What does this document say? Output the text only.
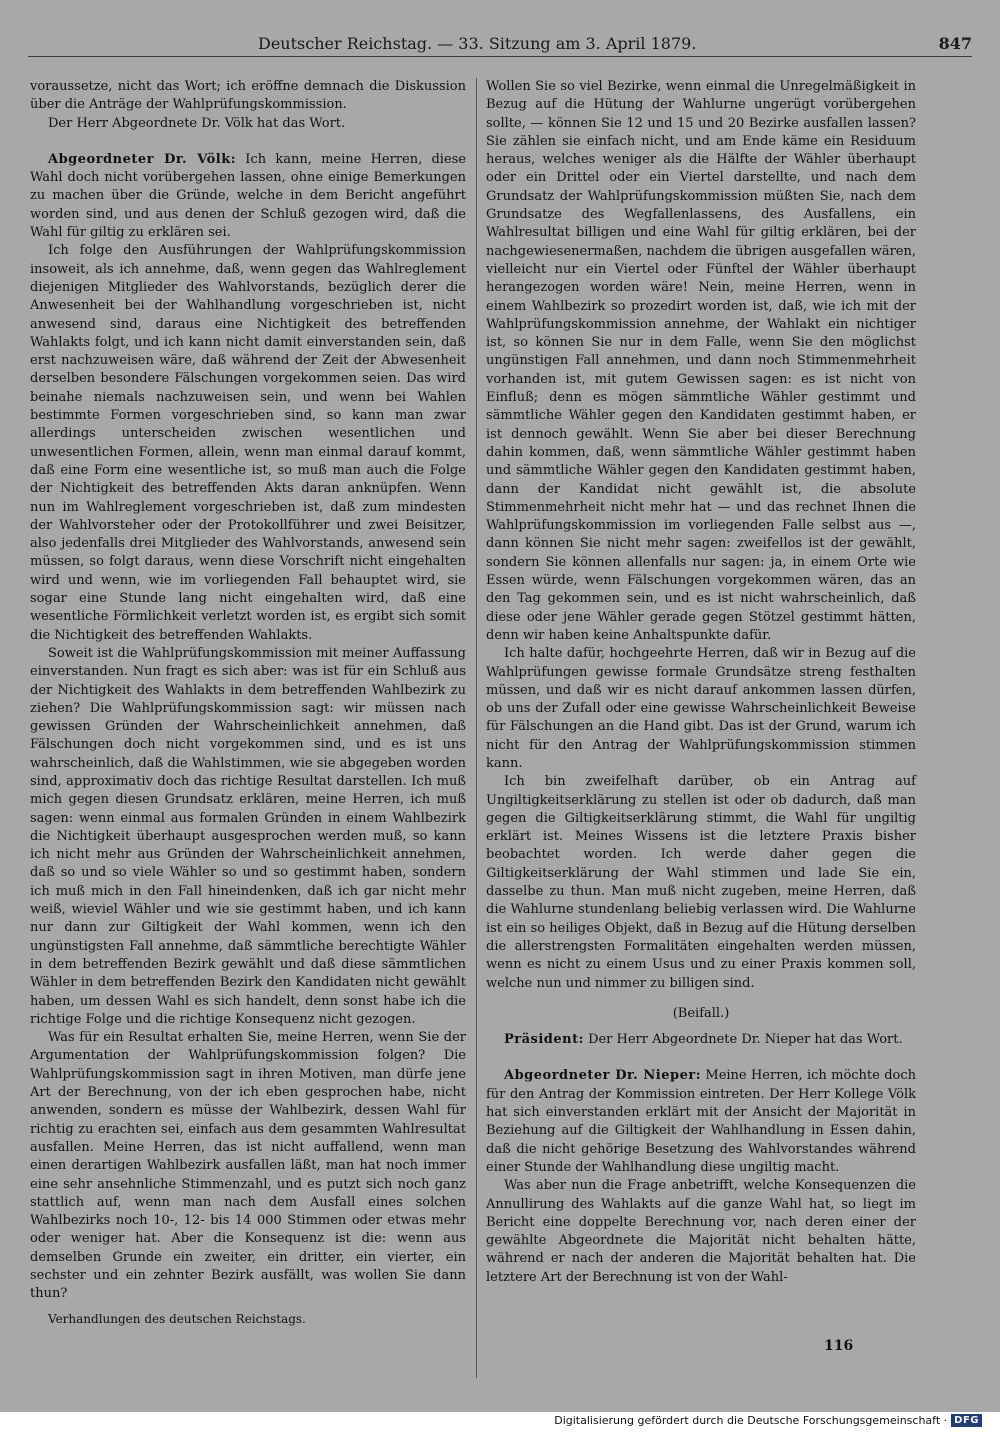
Deutscher Reichstag. — 33. Sitzung am 3. April 1879.	847

voraussetze, nicht das Wort; ich eröffne demnach die Diskussion über die Anträge der Wahlprüfungskommission.

Der Herr Abgeordnete Dr. Völk hat das Wort.

Abgeordneter Dr. Völk: Ich kann, meine Herren, diese Wahl doch nicht vorübergehen lassen, ohne einige Bemerkungen zu machen über die Gründe, welche in dem Bericht angeführt worden sind, und aus denen der Schluß gezogen wird, daß die Wahl für giltig zu erklären sei.

Ich folge den Ausführungen der Wahlprüfungskommission insoweit, als ich annehme, daß, wenn gegen das Wahlreglement diejenigen Mitglieder des Wahlvorstands, bezüglich derer die Anwesenheit bei der Wahlhandlung vorgeschrieben ist, nicht anwesend sind, daraus eine Nichtigkeit des betreffenden Wahlakts folgt, und ich kann nicht damit einverstanden sein, daß erst nachzuweisen wäre, daß während der Zeit der Abwesenheit derselben besondere Fälschungen vorgekommen seien. Das wird beinahe niemals nachzuweisen sein, und wenn bei Wahlen bestimmte Formen vorgeschrieben sind, so kann man zwar allerdings unterscheiden zwischen wesentlichen und unwesentlichen Formen, allein, wenn man einmal darauf kommt, daß eine Form eine wesentliche ist, so muß man auch die Folge der Nichtigkeit des betreffenden Akts daran anknüpfen. Wenn nun im Wahlreglement vorgeschrieben ist, daß zum mindesten der Wahlvorsteher oder der Protokollführer und zwei Beisitzer, also jedenfalls drei Mitglieder des Wahlvorstands, anwesend sein müssen, so folgt daraus, wenn diese Vorschrift nicht eingehalten wird und wenn, wie im vorliegenden Fall behauptet wird, sie sogar eine Stunde lang nicht eingehalten wird, daß eine wesentliche Förmlichkeit verletzt worden ist, es ergibt sich somit die Nichtigkeit des betreffenden Wahlakts.

Soweit ist die Wahlprüfungskommission mit meiner Auffassung einverstanden. Nun fragt es sich aber: was ist für ein Schluß aus der Nichtigkeit des Wahlakts in dem betreffenden Wahlbezirk zu ziehen? Die Wahlprüfungskommission sagt: wir müssen nach gewissen Gründen der Wahrscheinlichkeit annehmen, daß Fälschungen doch nicht vorgekommen sind, und es ist uns wahrscheinlich, daß die Wahlstimmen, wie sie abgegeben worden sind, approximativ doch das richtige Resultat darstellen. Ich muß mich gegen diesen Grundsatz erklären, meine Herren, ich muß sagen: wenn einmal aus formalen Gründen in einem Wahlbezirk die Nichtigkeit überhaupt ausgesprochen werden muß, so kann ich nicht mehr aus Gründen der Wahrscheinlichkeit annehmen, daß so und so viele Wähler so und so gestimmt haben, sondern ich muß mich in den Fall hineindenken, daß ich gar nicht mehr weiß, wieviel Wähler und wie sie gestimmt haben, und ich kann nur dann zur Giltigkeit der Wahl kommen, wenn ich den ungünstigsten Fall annehme, daß sämmtliche berechtigte Wähler in dem betreffenden Bezirk gewählt und daß diese sämmtlichen Wähler in dem betreffenden Bezirk den Kandidaten nicht gewählt haben, um dessen Wahl es sich handelt, denn sonst habe ich die richtige Folge und die richtige Konsequenz nicht gezogen.

Was für ein Resultat erhalten Sie, meine Herren, wenn Sie der Argumentation der Wahlprüfungskommission folgen? Die Wahlprüfungskommission sagt in ihren Motiven, man dürfe jene Art der Berechnung, von der ich eben gesprochen habe, nicht anwenden, sondern es müsse der Wahlbezirk, dessen Wahl für richtig zu erachten sei, einfach aus dem gesammten Wahlresultat ausfallen. Meine Herren, das ist nicht auffallend, wenn man einen derartigen Wahlbezirk ausfallen läßt, man hat noch immer eine sehr ansehnliche Stimmenzahl, und es putzt sich noch ganz stattlich auf, wenn man nach dem Ausfall eines solchen Wahlbezirks noch 10-, 12- bis 14 000 Stimmen oder etwas mehr oder weniger hat. Aber die Konsequenz ist die: wenn aus demselben Grunde ein zweiter, ein dritter, ein vierter, ein sechster und ein zehnter Bezirk ausfällt, was wollen Sie dann thun?

Verhandlungen des deutschen Reichstags.

Wollen Sie so viel Bezirke, wenn einmal die Unregelmäßigkeit in Bezug auf die Hütung der Wahlurne ungerügt vorübergehen sollte, — können Sie 12 und 15 und 20 Bezirke ausfallen lassen? Sie zählen sie einfach nicht, und am Ende käme ein Residuum heraus, welches weniger als die Hälfte der Wähler überhaupt oder ein Drittel oder ein Viertel darstellte, und nach dem Grundsatz der Wahlprüfungskommission müßten Sie, nach dem Grundsatze des Wegfallenlassens, des Ausfallens, ein Wahlresultat billigen und eine Wahl für giltig erklären, bei der nachgewiesenermaßen, nachdem die übrigen ausgefallen wären, vielleicht nur ein Viertel oder Fünftel der Wähler überhaupt herangezogen worden wäre! Nein, meine Herren, wenn in einem Wahlbezirk so prozedirt worden ist, daß, wie ich mit der Wahlprüfungskommission annehme, der Wahlakt ein nichtiger ist, so können Sie nur in dem Falle, wenn Sie den möglichst ungünstigen Fall annehmen, und dann noch Stimmenmehrheit vorhanden ist, mit gutem Gewissen sagen: es ist nicht von Einfluß; denn es mögen sämmtliche Wähler gestimmt und sämmtliche Wähler gegen den Kandidaten gestimmt haben, er ist dennoch gewählt. Wenn Sie aber bei dieser Berechnung dahin kommen, daß, wenn sämmtliche Wähler gestimmt haben und sämmtliche Wähler gegen den Kandidaten gestimmt haben, dann der Kandidat nicht gewählt ist, die absolute Stimmenmehrheit nicht mehr hat — und das rechnet Ihnen die Wahlprüfungskommission im vorliegenden Falle selbst aus —, dann können Sie nicht mehr sagen: zweifellos ist der gewählt, sondern Sie können allenfalls nur sagen: ja, in einem Orte wie Essen würde, wenn Fälschungen vorgekommen wären, das an den Tag gekommen sein, und es ist nicht wahrscheinlich, daß diese oder jene Wähler gerade gegen Stötzel gestimmt hätten, denn wir haben keine Anhaltspunkte dafür.

Ich halte dafür, hochgeehrte Herren, daß wir in Bezug auf die Wahlprüfungen gewisse formale Grundsätze streng festhalten müssen, und daß wir es nicht darauf ankommen lassen dürfen, ob uns der Zufall oder eine gewisse Wahrscheinlichkeit Beweise für Fälschungen an die Hand gibt. Das ist der Grund, warum ich nicht für den Antrag der Wahlprüfungskommission stimmen kann.

Ich bin zweifelhaft darüber, ob ein Antrag auf Ungiltigkeitserklärung zu stellen ist oder ob dadurch, daß man gegen die Giltigkeitserklärung stimmt, die Wahl für ungiltig erklärt ist. Meines Wissens ist die letztere Praxis bisher beobachtet worden. Ich werde daher gegen die Giltigkeitserklärung der Wahl stimmen und lade Sie ein, dasselbe zu thun. Man muß nicht zugeben, meine Herren, daß die Wahlurne stundenlang beliebig verlassen wird. Die Wahlurne ist ein so heiliges Objekt, daß in Bezug auf die Hütung derselben die allerstrengsten Formalitäten eingehalten werden müssen, wenn es nicht zu einem Usus und zu einer Praxis kommen soll, welche nun und nimmer zu billigen sind.

(Beifall.)

Präsident: Der Herr Abgeordnete Dr. Nieper hat das Wort.

Abgeordneter Dr. Nieper: Meine Herren, ich möchte doch für den Antrag der Kommission eintreten. Der Herr Kollege Völk hat sich einverstanden erklärt mit der Ansicht der Majorität in Beziehung auf die Giltigkeit der Wahlhandlung in Essen dahin, daß die nicht gehörige Besetzung des Wahlvorstandes während einer Stunde der Wahlhandlung diese ungiltig macht.

Was aber nun die Frage anbetrifft, welche Konsequenzen die Annullirung des Wahlakts auf die ganze Wahl hat, so liegt im Bericht eine doppelte Berechnung vor, nach deren einer der gewählte Abgeordnete die Majorität nicht behalten hätte, während er nach der anderen die Majorität behalten hat. Die letztere Art der Berechnung ist von der Wahl-

116
Digitalisierung gefördert durch die Deutsche Forschungsgemeinschaft · DFG
